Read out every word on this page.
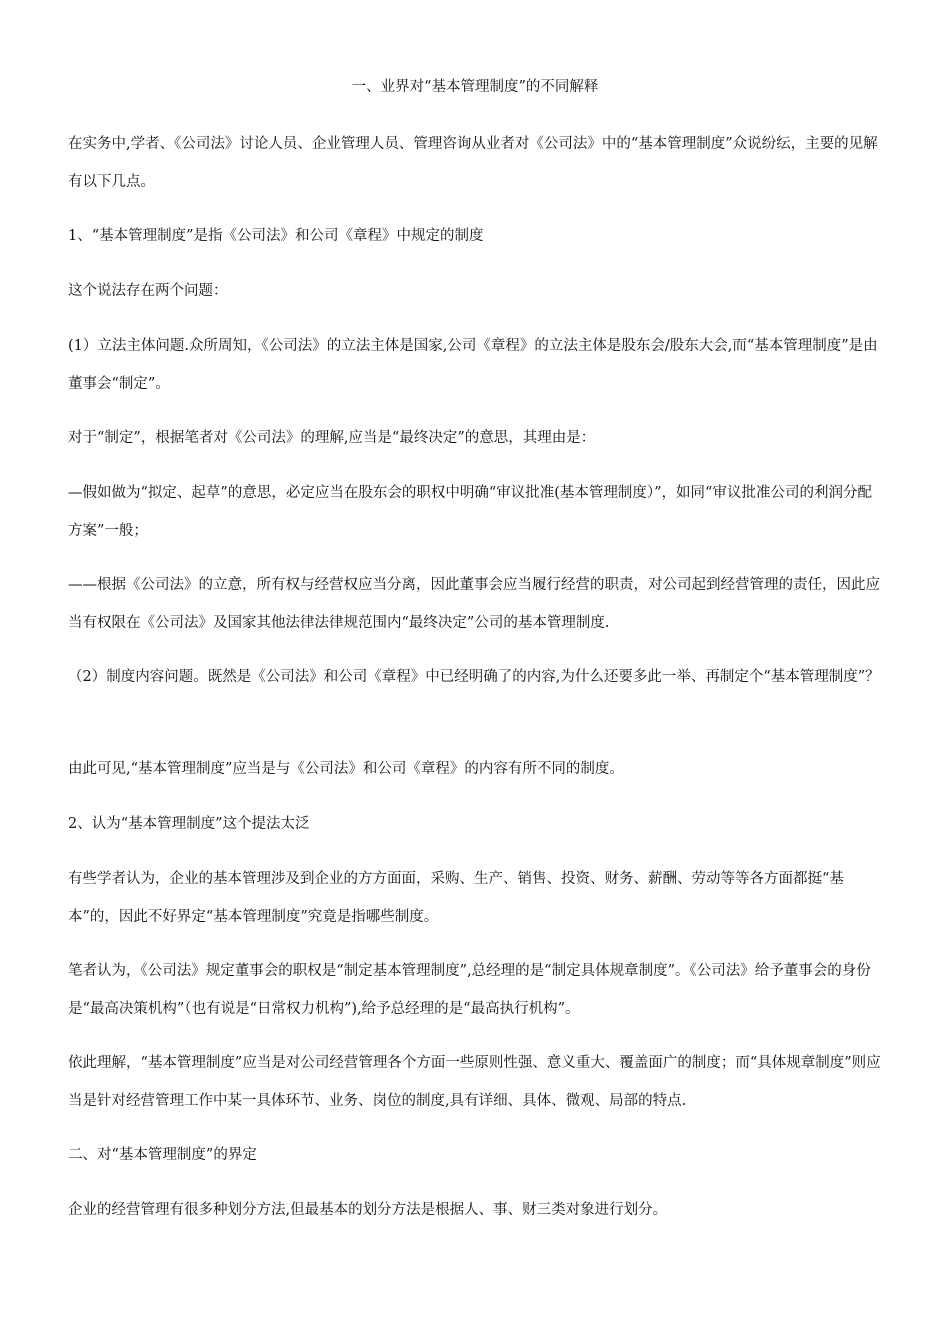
一、业界对“基本管理制度”的不同解释
在实务中,学者、《公司法》讨论人员、企业管理人员、管理咨询从业者对《公司法》中的“基本管理制度”众说纷纭，主要的见解有以下几点。
1、“基本管理制度”是指《公司法》和公司《章程》中规定的制度
这个说法存在两个问题：
(1）立法主体问题.众所周知，《公司法》的立法主体是国家,公司《章程》的立法主体是股东会/股东大会,而“基本管理制度”是由董事会“制定”。
对于“制定”，根据笔者对《公司法》的理解,应当是“最终决定”的意思，其理由是：
—假如做为“拟定、起草”的意思，必定应当在股东会的职权中明确“审议批准(基本管理制度）”，如同“审议批准公司的利润分配方案”一般；
——根据《公司法》的立意，所有权与经营权应当分离，因此董事会应当履行经营的职责，对公司起到经营管理的责任，因此应当有权限在《公司法》及国家其他法律法律规范围内“最终决定”公司的基本管理制度.
（2）制度内容问题。既然是《公司法》和公司《章程》中已经明确了的内容,为什么还要多此一举、再制定个“基本管理制度”？
由此可见,“基本管理制度”应当是与《公司法》和公司《章程》的内容有所不同的制度。
2、认为“基本管理制度”这个提法太泛
有些学者认为，企业的基本管理涉及到企业的方方面面，采购、生产、销售、投资、财务、薪酬、劳动等等各方面都挺“基本”的，因此不好界定“基本管理制度”究竟是指哪些制度。
笔者认为，《公司法》规定董事会的职权是“制定基本管理制度”,总经理的是“制定具体规章制度”。《公司法》给予董事会的身份是“最高决策机构”（也有说是“日常权力机构”),给予总经理的是“最高执行机构”。
依此理解，“基本管理制度”应当是对公司经营管理各个方面一些原则性强、意义重大、覆盖面广的制度；而“具体规章制度”则应当是针对经营管理工作中某一具体环节、业务、岗位的制度,具有详细、具体、微观、局部的特点.
二、对“基本管理制度”的界定
企业的经营管理有很多种划分方法,但最基本的划分方法是根据人、事、财三类对象进行划分。
